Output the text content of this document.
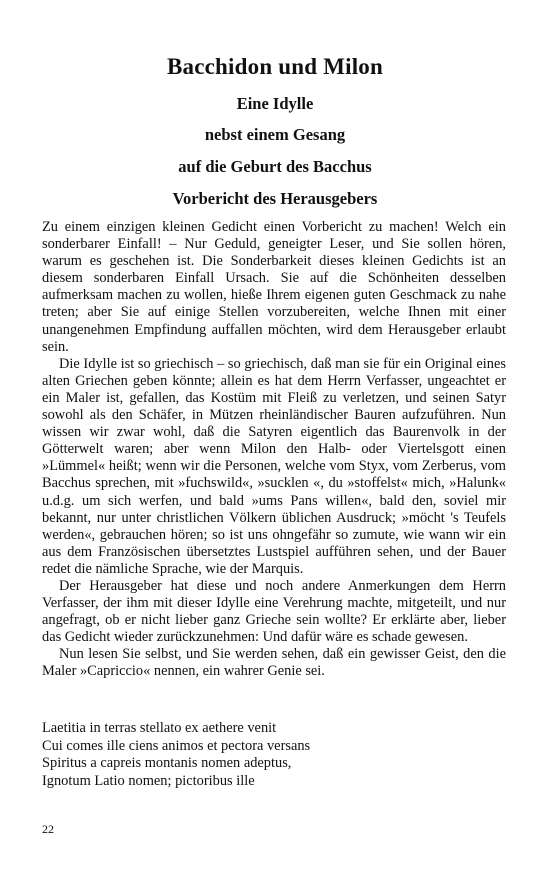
Bacchidon und Milon
Eine Idylle
nebst einem Gesang
auf die Geburt des Bacchus
Vorbericht des Herausgebers

Zu einem einzigen kleinen Gedicht einen Vorbericht zu machen! Welch ein sonderbarer Einfall! – Nur Geduld, geneigter Leser, und Sie sollen hören, warum es geschehen ist. Die Sonderbarkeit dieses kleinen Gedichts ist an diesem sonderbaren Einfall Ursach. Sie auf die Schönheiten desselben aufmerksam machen zu wollen, hieße Ihrem eigenen guten Geschmack zu nahe treten; aber Sie auf einige Stellen vorzubereiten, welche Ihnen mit einer unangenehmen Empfindung auffallen möchten, wird dem Herausgeber erlaubt sein.

Die Idylle ist so griechisch – so griechisch, daß man sie für ein Original eines alten Griechen geben könnte; allein es hat dem Herrn Verfasser, ungeachtet er ein Maler ist, gefallen, das Kostüm mit Fleiß zu verletzen, und seinen Satyr sowohl als den Schäfer, in Mützen rheinländischer Bauren aufzuführen. Nun wissen wir zwar wohl, daß die Satyren eigentlich das Baurenvolk in der Götterwelt waren; aber wenn Milon den Halb- oder Viertelsgott einen »Lümmel« heißt; wenn wir die Personen, welche vom Styx, vom Zerberus, vom Bacchus sprechen, mit »fuchswild«, »sucklen «, du »stoffelst« mich, »Halunk« u.d.g. um sich werfen, und bald »ums Pans willen«, bald den, soviel mir bekannt, nur unter christlichen Völkern üblichen Ausdruck; »möcht 's Teufels werden«, gebrauchen hören; so ist uns ohngefähr so zumute, wie wann wir ein aus dem Französischen übersetztes Lustspiel aufführen sehen, und der Bauer redet die nämliche Sprache, wie der Marquis.

Der Herausgeber hat diese und noch andere Anmerkungen dem Herrn Verfasser, der ihm mit dieser Idylle eine Verehrung machte, mitgeteilt, und nur angefragt, ob er nicht lieber ganz Grieche sein wollte? Er erklärte aber, lieber das Gedicht wieder zurückzunehmen: Und dafür wäre es schade gewesen.

Nun lesen Sie selbst, und Sie werden sehen, daß ein gewisser Geist, den die Maler »Capriccio« nennen, ein wahrer Genie sei.

Laetitia in terras stellato ex aethere venit
Cui comes ille ciens animos et pectora versans
Spiritus a capreis montanis nomen adeptus,
Ignotum Latio nomen; pictoribus ille
22
